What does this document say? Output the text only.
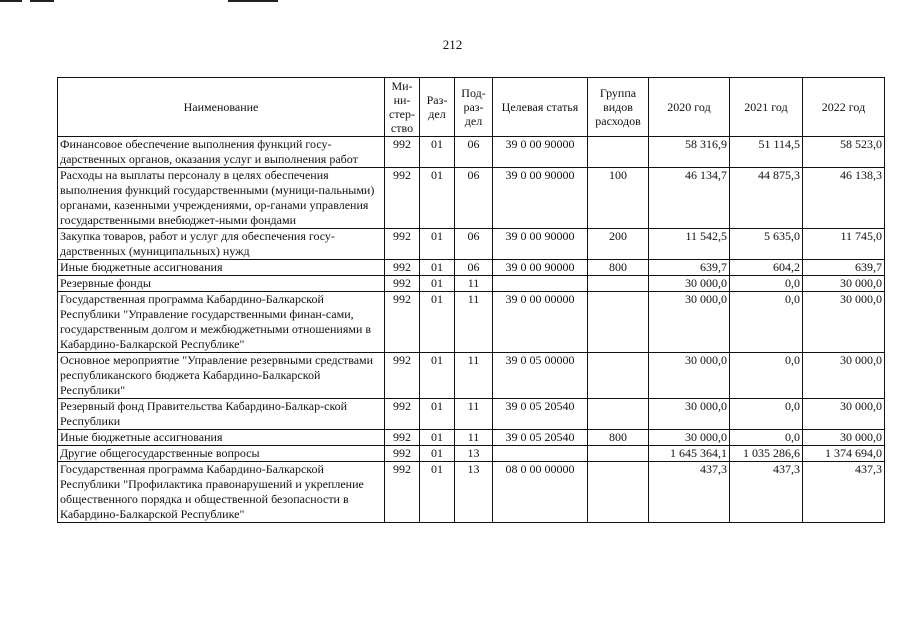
212
Наименование	Ми-ни-стер-ство	Раз-дел	Под-раз-дел	Целевая статья	Группа видов расходов	2020 год	2021 год	2022 год
Финансовое обеспечение выполнения функций госу-дарственных органов, оказания услуг и выполнения работ	992	01	06	39 0 00 90000		58 316,9	51 114,5	58 523,0
Расходы на выплаты персоналу в целях обеспечения выполнения функций государственными (муници-пальными) органами, казенными учреждениями, ор-ганами управления государственными внебюджет-ными фондами	992	01	06	39 0 00 90000	100	46 134,7	44 875,3	46 138,3
Закупка товаров, работ и услуг для обеспечения госу-дарственных (муниципальных) нужд	992	01	06	39 0 00 90000	200	11 542,5	5 635,0	11 745,0
Иные бюджетные ассигнования	992	01	06	39 0 00 90000	800	639,7	604,2	639,7
Резервные фонды	992	01	11			30 000,0	0,0	30 000,0
Государственная программа Кабардино-Балкарской Республики "Управление государственными финан-сами, государственным долгом и межбюджетными отношениями в Кабардино-Балкарской Республике"	992	01	11	39 0 00 00000		30 000,0	0,0	30 000,0
Основное мероприятие "Управление резервными средствами республиканского бюджета Кабардино-Балкарской Республики"	992	01	11	39 0 05 00000		30 000,0	0,0	30 000,0
Резервный фонд Правительства Кабардино-Балкар-ской Республики	992	01	11	39 0 05 20540		30 000,0	0,0	30 000,0
Иные бюджетные ассигнования	992	01	11	39 0 05 20540	800	30 000,0	0,0	30 000,0
Другие общегосударственные вопросы	992	01	13			1 645 364,1	1 035 286,6	1 374 694,0
Государственная программа Кабардино-Балкарской Республики "Профилактика правонарушений и укрепление общественного порядка и общественной безопасности в Кабардино-Балкарской Республике"	992	01	13	08 0 00 00000		437,3	437,3	437,3
